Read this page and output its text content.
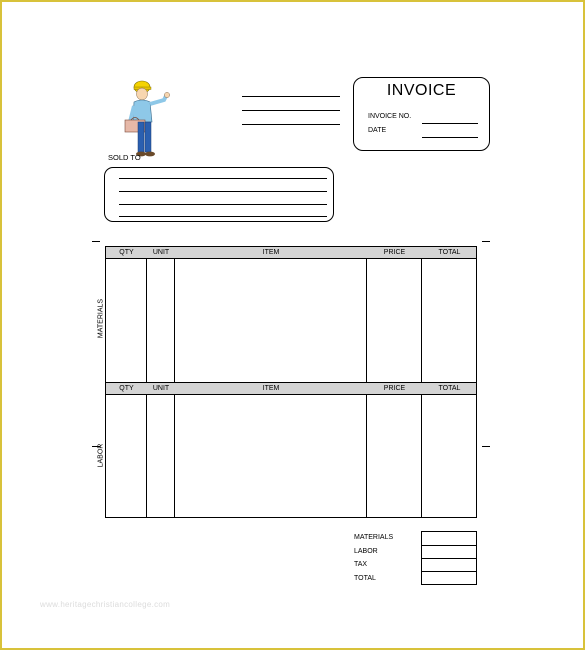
SOLD TO
INVOICE
INVOICE NO.
DATE
QTY	UNIT	ITEM	PRICE	TOTAL
QTY	UNIT	ITEM	PRICE	TOTAL
MATERIALS
LABOR
MATERIALS
LABOR
TAX
TOTAL
www.heritagechristiancollege.com
